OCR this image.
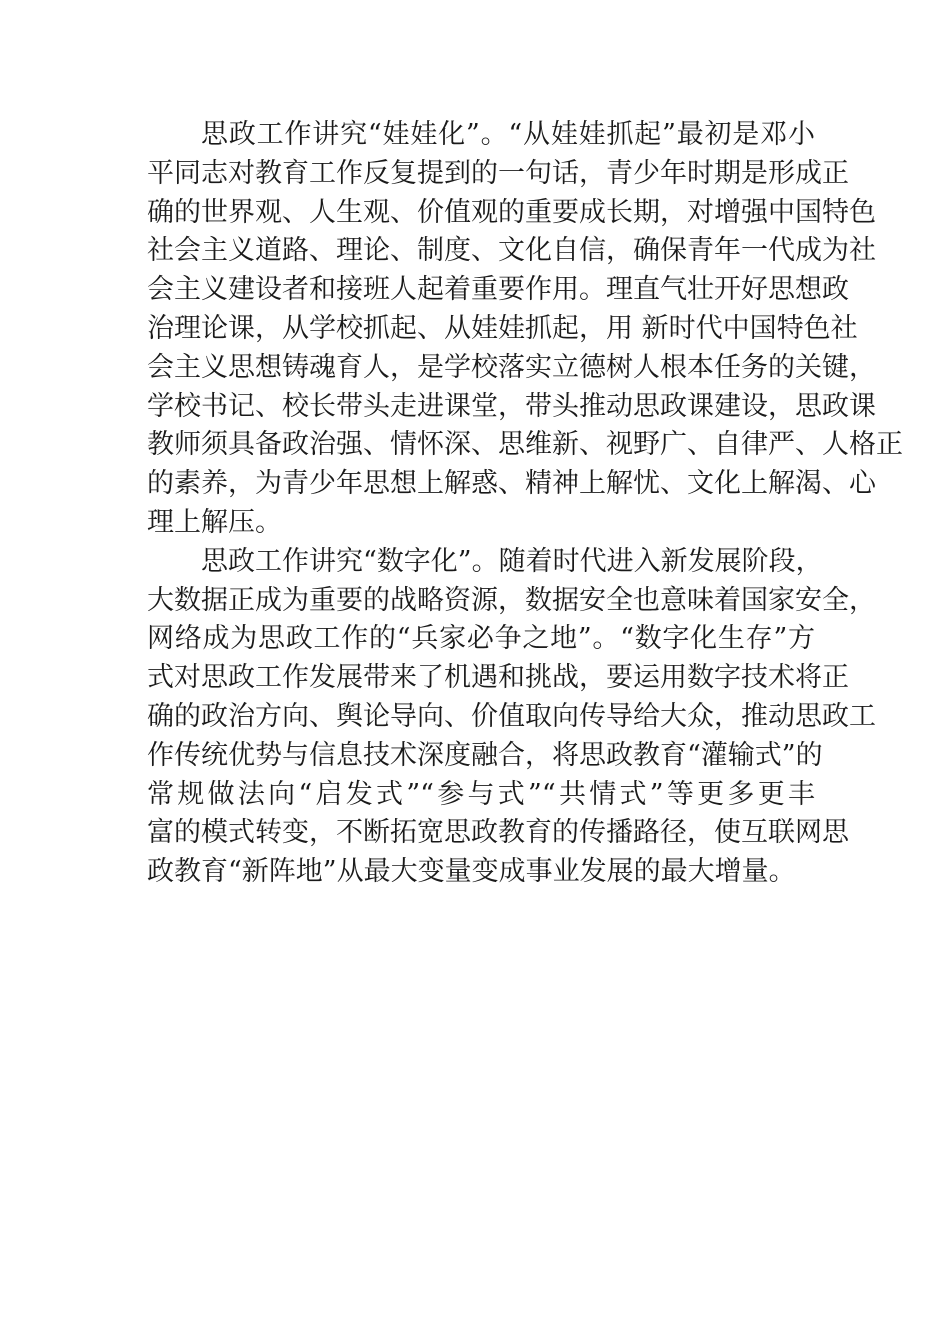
思政工作讲究“娃娃化”。“从娃娃抓起”最初是邓小
平同志对教育工作反复提到的一句话，青少年时期是形成正
确的世界观、人生观、价值观的重要成长期，对增强中国特色
社会主义道路、理论、制度、文化自信，确保青年一代成为社
会主义建设者和接班人起着重要作用。理直气壮开好思想政
治理论课，从学校抓起、从娃娃抓起，用 新时代中国特色社
会主义思想铸魂育人，是学校落实立德树人根本任务的关键，
学校书记、校长带头走进课堂，带头推动思政课建设，思政课
教师须具备政治强、情怀深、思维新、视野广、自律严、人格正
的素养，为青少年思想上解惑、精神上解忧、文化上解渴、心
理上解压。
思政工作讲究“数字化”。随着时代进入新发展阶段，
大数据正成为重要的战略资源，数据安全也意味着国家安全，
网络成为思政工作的“兵家必争之地”。“数字化生存”方
式对思政工作发展带来了机遇和挑战，要运用数字技术将正
确的政治方向、舆论导向、价值取向传导给大众，推动思政工
作传统优势与信息技术深度融合，将思政教育“灌输式”的
常规做法向“启发式”“参与式”“共情式”等更多更丰
富的模式转变，不断拓宽思政教育的传播路径，使互联网思
政教育“新阵地”从最大变量变成事业发展的最大增量。
